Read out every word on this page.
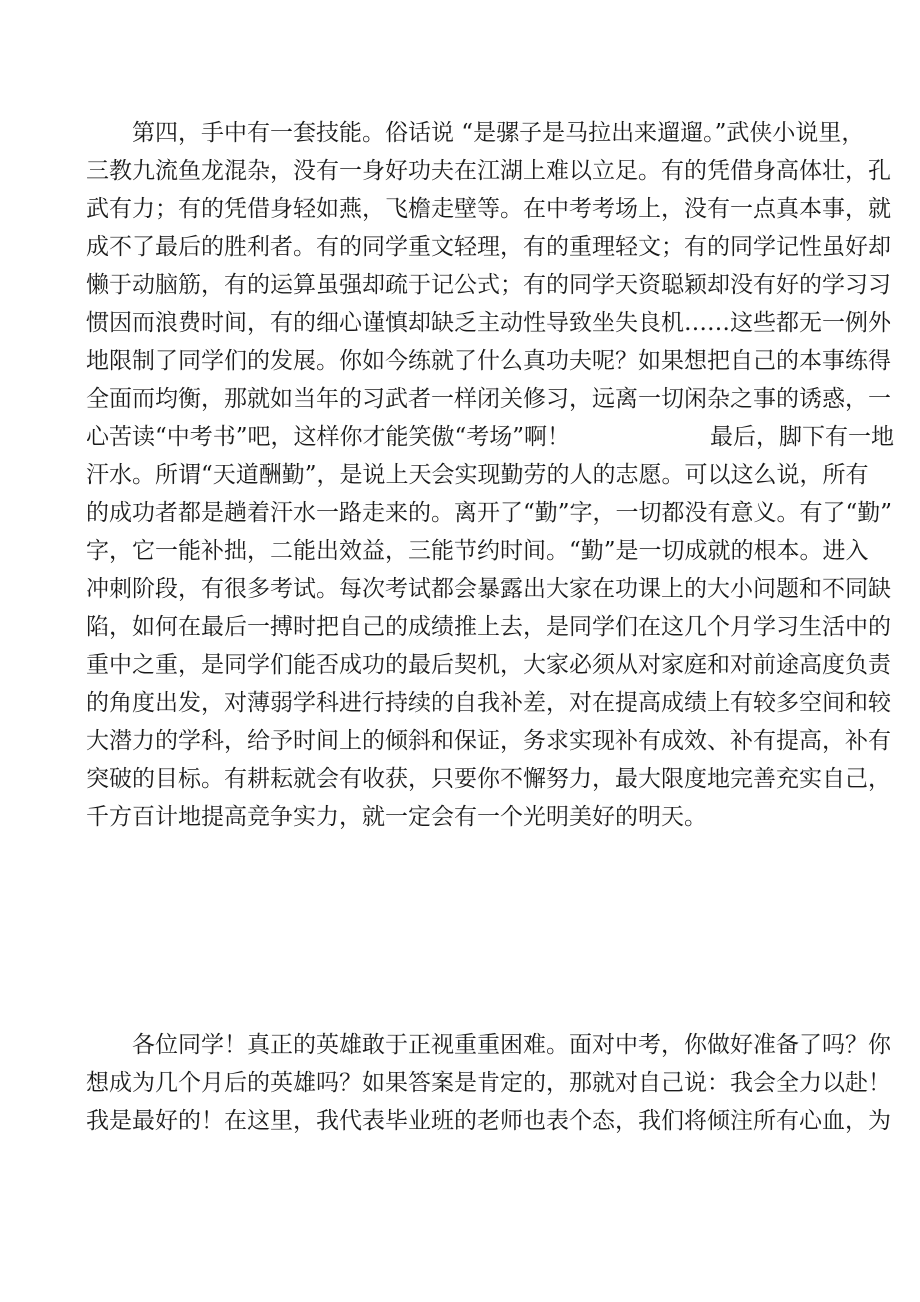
第四，手中有一套技能。俗话说 “是骡子是马拉出来遛遛。”武侠小说里，
三教九流鱼龙混杂，没有一身好功夫在江湖上难以立足。有的凭借身高体壮，孔
武有力；有的凭借身轻如燕，飞檐走壁等。在中考考场上，没有一点真本事，就
成不了最后的胜利者。有的同学重文轻理，有的重理轻文；有的同学记性虽好却
懒于动脑筋，有的运算虽强却疏于记公式；有的同学天资聪颖却没有好的学习习
惯因而浪费时间，有的细心谨慎却缺乏主动性导致坐失良机……这些都无一例外
地限制了同学们的发展。你如今练就了什么真功夫呢？如果想把自己的本事练得
全面而均衡，那就如当年的习武者一样闭关修习，远离一切闲杂之事的诱惑，一
心苦读“中考书”吧，这样你才能笑傲“考场”啊！	最后，脚下有一地
汗水。所谓“天道酬勤”，是说上天会实现勤劳的人的志愿。可以这么说，所有
的成功者都是趟着汗水一路走来的。离开了“勤”字，一切都没有意义。有了“勤”
字，它一能补拙，二能出效益，三能节约时间。“勤”是一切成就的根本。进入
冲刺阶段，有很多考试。每次考试都会暴露出大家在功课上的大小问题和不同缺
陷，如何在最后一搏时把自己的成绩推上去，是同学们在这几个月学习生活中的
重中之重，是同学们能否成功的最后契机，大家必须从对家庭和对前途高度负责
的角度出发，对薄弱学科进行持续的自我补差，对在提高成绩上有较多空间和较
大潜力的学科，给予时间上的倾斜和保证，务求实现补有成效、补有提高，补有
突破的目标。有耕耘就会有收获，只要你不懈努力，最大限度地完善充实自己，
千方百计地提高竞争实力，就一定会有一个光明美好的明天。
各位同学！真正的英雄敢于正视重重困难。面对中考，你做好准备了吗？你
想成为几个月后的英雄吗？如果答案是肯定的，那就对自己说：我会全力以赴！
我是最好的！在这里，我代表毕业班的老师也表个态，我们将倾注所有心血，为
